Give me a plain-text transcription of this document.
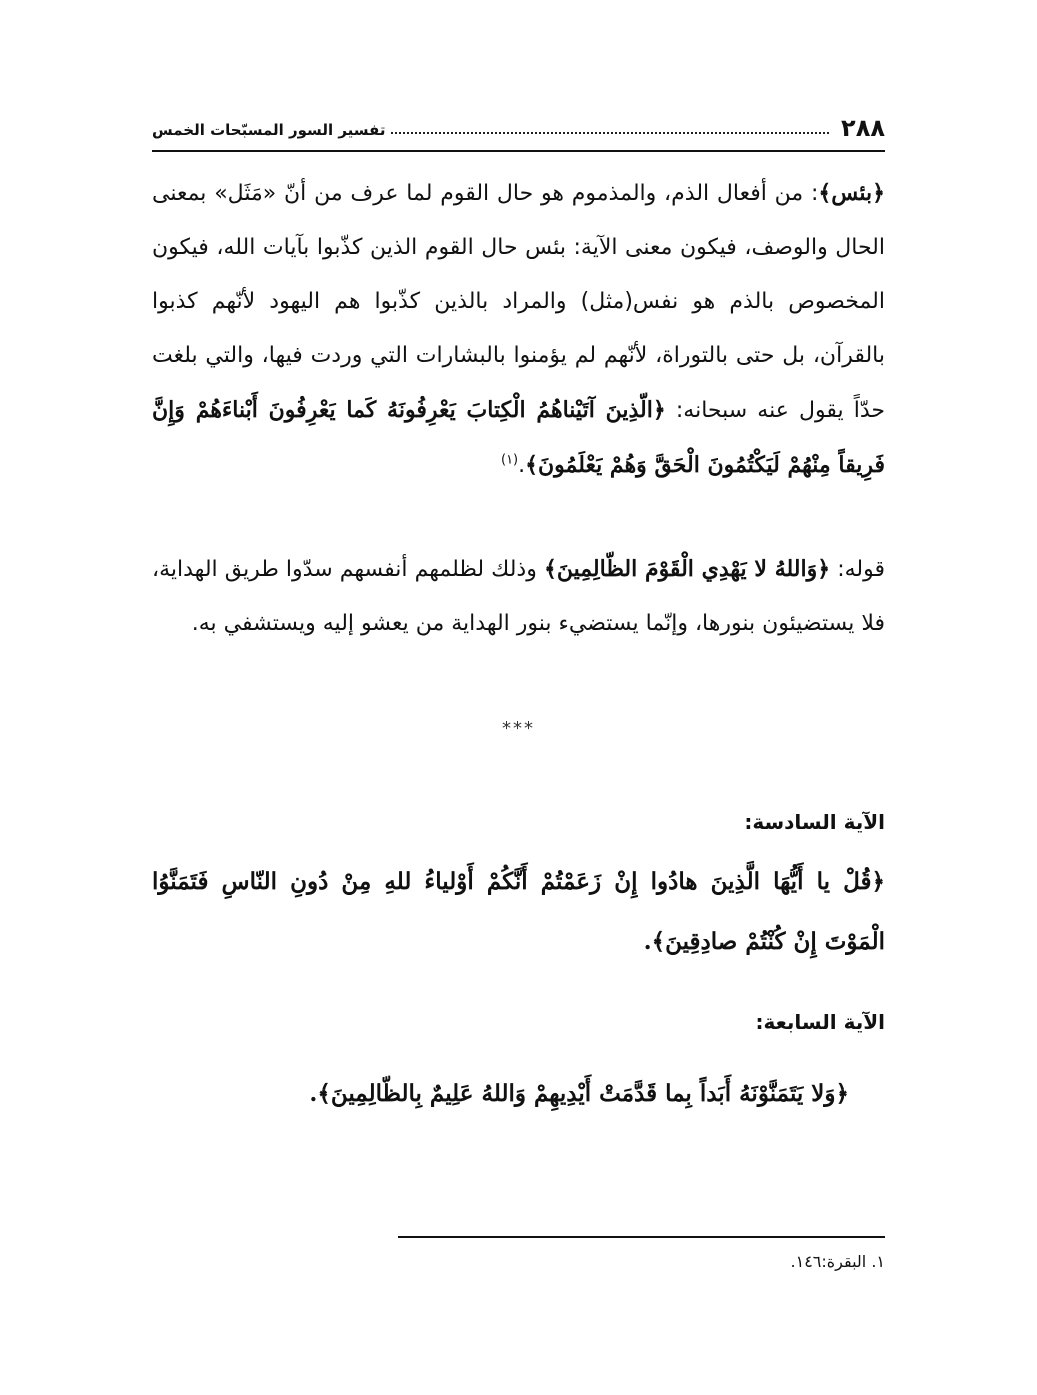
٢٨٨
تفسير السور المسبّحات الخمس
﴿بئس﴾: من أفعال الذم، والمذموم هو حال القوم لما عرف من أنّ «مَثَل» بمعنى الحال والوصف، فيكون معنى الآية: بئس حال القوم الذين كذّبوا بآيات الله، فيكون المخصوص بالذم هو نفس(مثل) والمراد بالذين كذّبوا هم اليهود لأنّهم كذبوا بالقرآن، بل حتى بالتوراة، لأنّهم لم يؤمنوا بالبشارات التي وردت فيها، والتي بلغت حدّاً يقول عنه سبحانه: ﴿الّذِينَ آتَيْناهُمُ الْكِتابَ يَعْرِفُونَهُ كَما يَعْرِفُونَ أَبْناءَهُمْ وَإِنَّ فَرِيقاً مِنْهُمْ لَيَكْتُمُونَ الْحَقَّ وَهُمْ يَعْلَمُونَ﴾.$^{(١)}$
قوله: ﴿وَاللهُ لا يَهْدِي الْقَوْمَ الظّالِمِينَ﴾ وذلك لظلمهم أنفسهم سدّوا طريق الهداية، فلا يستضيئون بنورها، وإنّما يستضيء بنور الهداية من يعشو إليه ويستشفي به.
***
الآية السادسة:
﴿قُلْ يا أَيُّهَا الَّذِينَ هادُوا إِنْ زَعَمْتُمْ أَنَّكُمْ أَوْلياءُ للهِ مِنْ دُونِ النّاسِ فَتَمَنَّوُا الْمَوْتَ إِنْ كُنْتُمْ صادِقِينَ﴾.
الآية السابعة:
﴿وَلا يَتَمَنَّوْنَهُ أَبَداً بِما قَدَّمَتْ أَيْدِيهِمْ وَاللهُ عَلِيمٌ بِالظّالِمِينَ﴾.
١. البقرة:١٤٦.
